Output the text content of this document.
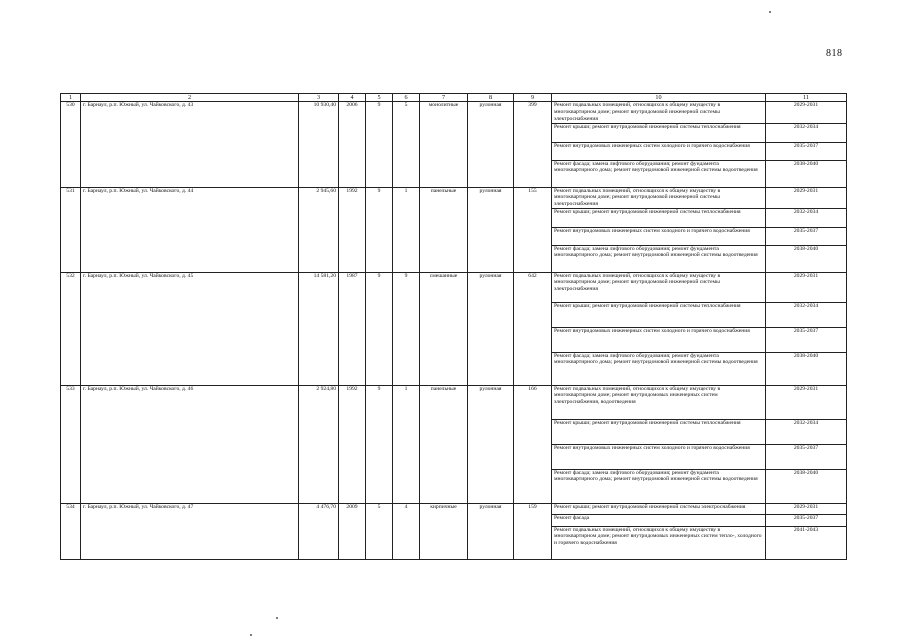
818
1	2	3	4	5	6	7	8	9	10	11
530	г. Барнаул, р.п. Южный, ул. Чайковского, д. 43	10 930,40	2006	9	5	монолитные	рулонная	399	Ремонт подвальных помещений, относящихся к общему имуществу в многоквартирном доме; ремонт внутридомовой инженерной системы электроснабжения	2029-2031
									Ремонт крыши; ремонт внутридомовой инженерной системы теплоснабжения	2032-2034
									Ремонт внутридомовых инженерных систем холодного и горячего водоснабжения	2035-2037
									Ремонт фасада; замена лифтового оборудования; ремонт фундамента многоквартирного дома; ремонт внутридомовой инженерной системы водоотведения	2038-2040
531	г. Барнаул, р.п. Южный, ул. Чайковского, д. 44	2 945,60	1992	9	1	панельные	рулонная	155	Ремонт подвальных помещений, относящихся к общему имуществу в многоквартирном доме; ремонт внутридомовой инженерной системы электроснабжения	2029-2031
									Ремонт крыши; ремонт внутридомовой инженерной системы теплоснабжения	2032-2034
									Ремонт внутридомовых инженерных систем холодного и горячего водоснабжения	2035-2037
									Ремонт фасада; замена лифтового оборудования; ремонт фундамента многоквартирного дома; ремонт внутридомовой инженерной системы водоотведения	2038-2040
532	г. Барнаул, р.п. Южный, ул. Чайковского, д. 45	14 581,20	1987	9	9	смешанные	рулонная	642	Ремонт подвальных помещений, относящихся к общему имуществу в многоквартирном доме; ремонт внутридомовой инженерной системы электроснабжения	2029-2031
									Ремонт крыши; ремонт внутридомовой инженерной системы теплоснабжения	2032-2034
									Ремонт внутридомовых инженерных систем холодного и горячего водоснабжения	2035-2037
									Ремонт фасада; замена лифтового оборудования; ремонт фундамента многоквартирного дома; ремонт внутридомовой инженерной системы водоотведения	2038-2040
533	г. Барнаул, р.п. Южный, ул. Чайковского, д. 46	2 924,80	1992	9	1	панельные	рулонная	166	Ремонт подвальных помещений, относящихся к общему имуществу в многоквартирном доме; ремонт внутридомовых инженерных систем электроснабжения, водоотведения	2029-2031
									Ремонт крыши; ремонт внутридомовой инженерной системы теплоснабжения	2032-2034
									Ремонт внутридомовых инженерных систем холодного и горячего водоснабжения	2035-2037
									Ремонт фасада; замена лифтового оборудования; ремонт фундамента многоквартирного дома; ремонт внутридомовой инженерной системы водоотведения	2038-2040
534	г. Барнаул, р.п. Южный, ул. Чайковского, д. 47	4 476,70	2009	5	4	кирпичные	рулонная	159	Ремонт крыши; ремонт внутридомовой инженерной системы электроснабжения	2029-2031
									Ремонт фасада	2035-2037
									Ремонт подвальных помещений, относящихся к общему имуществу в многоквартирном доме; ремонт внутридомовых инженерных систем тепло-, холодного и горячего водоснабжения	2041-2043
